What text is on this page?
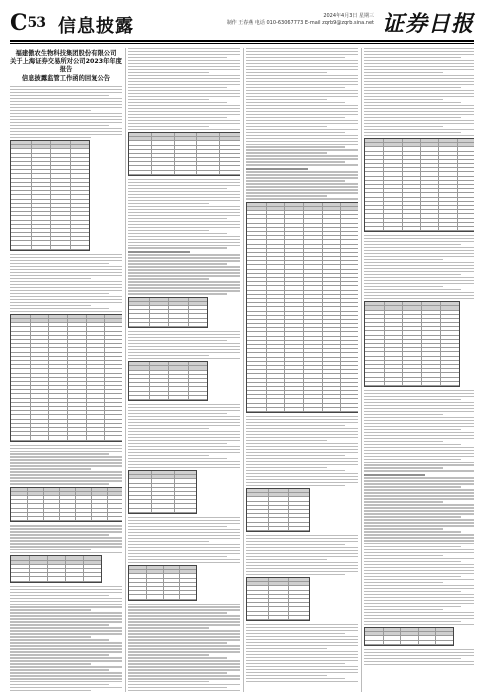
C53 信息披露	2024年4月3日 星期三
制作 王春燕 电话 010-63067773 E-mail zqrb9@zqrb.sina.net 证券日报
福建傲农生物科技集团股份有限公司
关于上海证券交易所对公司2023年年度报告
信息披露监管工作函的回复公告
